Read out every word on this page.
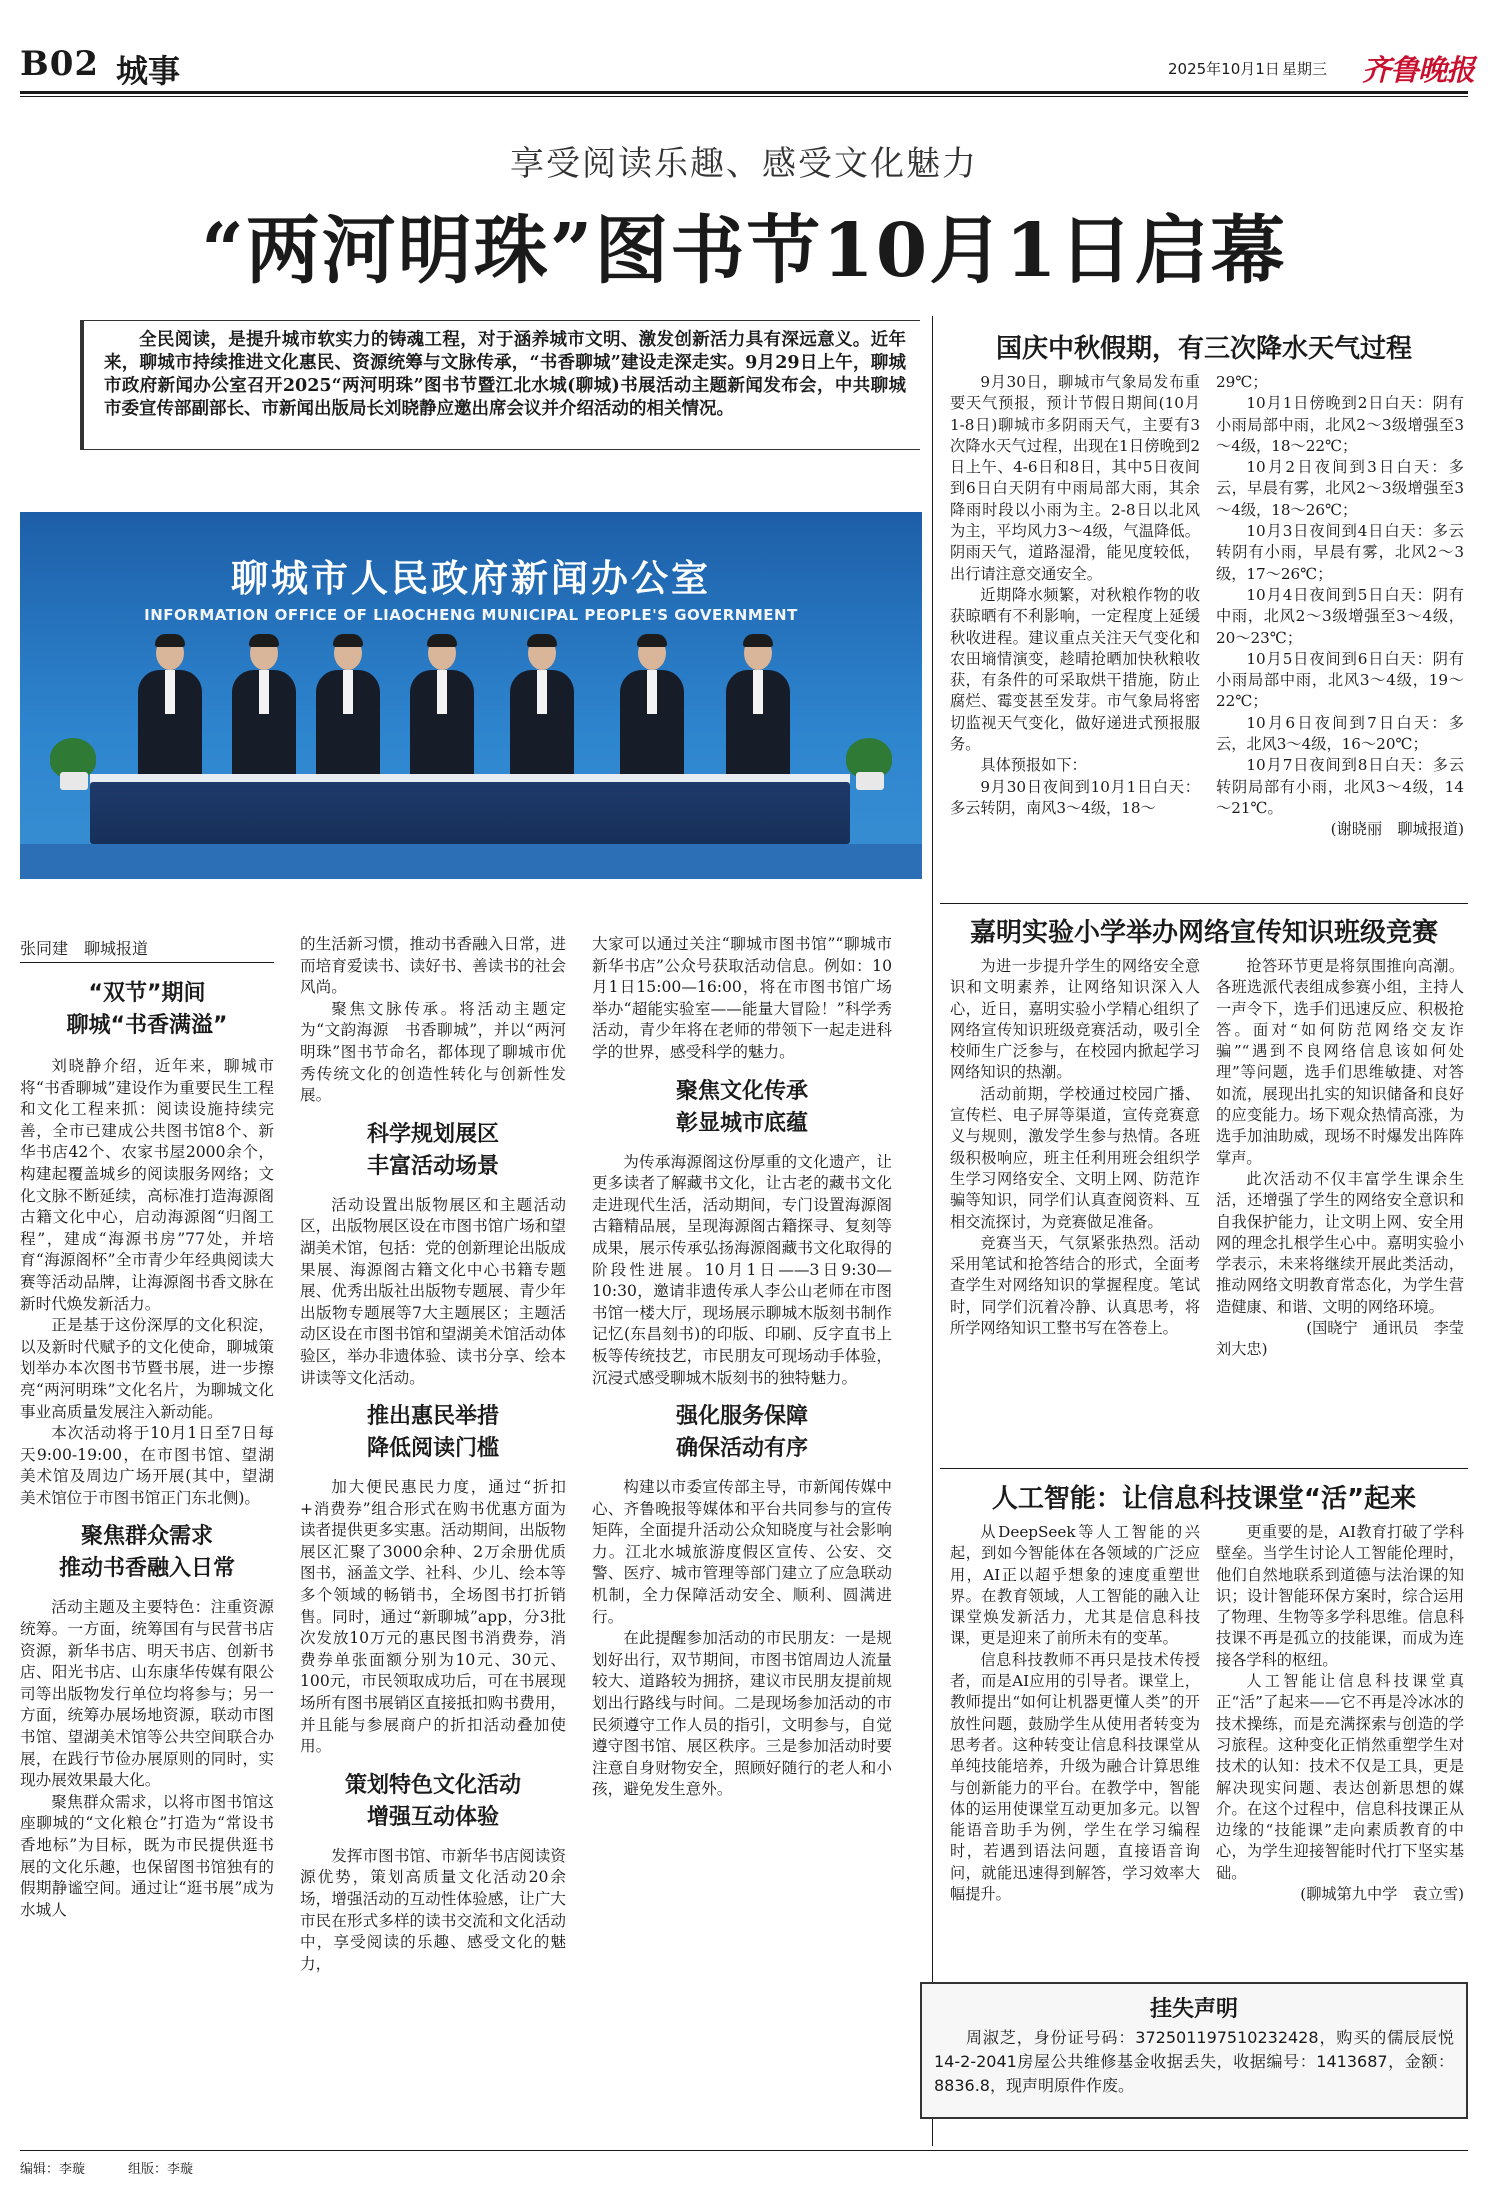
B02 城事	2025年10月1日 星期三 齐鲁晚报
享受阅读乐趣、感受文化魅力
“两河明珠”图书节10月1日启幕
全民阅读，是提升城市软实力的铸魂工程，对于涵养城市文明、激发创新活力具有深远意义。近年来，聊城市持续推进文化惠民、资源统筹与文脉传承，“书香聊城”建设走深走实。9月29日上午，聊城市政府新闻办公室召开2025“两河明珠”图书节暨江北水城(聊城)书展活动主题新闻发布会，中共聊城市委宣传部副部长、市新闻出版局长刘晓静应邀出席会议并介绍活动的相关情况。
聊城市人民政府新闻办公室
INFORMATION OFFICE OF LIAOCHENG MUNICIPAL PEOPLE'S GOVERNMENT
张同建　聊城报道
“双节”期间
聊城“书香满溢”

刘晓静介绍，近年来，聊城市将“书香聊城”建设作为重要民生工程和文化工程来抓：阅读设施持续完善，全市已建成公共图书馆8个、新华书店42个、农家书屋2000余个，构建起覆盖城乡的阅读服务网络；文化文脉不断延续，高标准打造海源阁古籍文化中心，启动海源阁“归阁工程”，建成“海源书房”77处，并培育“海源阁杯”全市青少年经典阅读大赛等活动品牌，让海源阁书香文脉在新时代焕发新活力。

正是基于这份深厚的文化积淀，以及新时代赋予的文化使命，聊城策划举办本次图书节暨书展，进一步擦亮“两河明珠”文化名片，为聊城文化事业高质量发展注入新动能。

本次活动将于10月1日至7日每天9:00-19:00，在市图书馆、望湖美术馆及周边广场开展(其中，望湖美术馆位于市图书馆正门东北侧)。

聚焦群众需求
推动书香融入日常

活动主题及主要特色：注重资源统筹。一方面，统筹国有与民营书店资源，新华书店、明天书店、创新书店、阳光书店、山东康华传媒有限公司等出版物发行单位均将参与；另一方面，统筹办展场地资源，联动市图书馆、望湖美术馆等公共空间联合办展，在践行节俭办展原则的同时，实现办展效果最大化。

聚焦群众需求，以将市图书馆这座聊城的“文化粮仓”打造为“常设书香地标”为目标，既为市民提供逛书展的文化乐趣，也保留图书馆独有的假期静谧空间。通过让“逛书展”成为水城人

的生活新习惯，推动书香融入日常，进而培育爱读书、读好书、善读书的社会风尚。

聚焦文脉传承。将活动主题定为“文韵海源　书香聊城”，并以“两河明珠”图书节命名，都体现了聊城市优秀传统文化的创造性转化与创新性发展。

科学规划展区
丰富活动场景

活动设置出版物展区和主题活动区，出版物展区设在市图书馆广场和望湖美术馆，包括：党的创新理论出版成果展、海源阁古籍文化中心书籍专题展、优秀出版社出版物专题展、青少年出版物专题展等7大主题展区；主题活动区设在市图书馆和望湖美术馆活动体验区，举办非遗体验、读书分享、绘本讲读等文化活动。

推出惠民举措
降低阅读门槛

加大便民惠民力度，通过“折扣+消费券”组合形式在购书优惠方面为读者提供更多实惠。活动期间，出版物展区汇聚了3000余种、2万余册优质图书，涵盖文学、社科、少儿、绘本等多个领域的畅销书，全场图书打折销售。同时，通过“新聊城”app，分3批次发放10万元的惠民图书消费券，消费券单张面额分别为10元、30元、100元，市民领取成功后，可在书展现场所有图书展销区直接抵扣购书费用，并且能与参展商户的折扣活动叠加使用。

策划特色文化活动
增强互动体验

发挥市图书馆、市新华书店阅读资源优势，策划高质量文化活动20余场，增强活动的互动性体验感，让广大市民在形式多样的读书交流和文化活动中，享受阅读的乐趣、感受文化的魅力，

大家可以通过关注“聊城市图书馆”“聊城市新华书店”公众号获取活动信息。例如：10月1日15:00—16:00，将在市图书馆广场举办“超能实验室——能量大冒险！”科学秀活动，青少年将在老师的带领下一起走进科学的世界，感受科学的魅力。

聚焦文化传承
彰显城市底蕴

为传承海源阁这份厚重的文化遗产，让更多读者了解藏书文化，让古老的藏书文化走进现代生活，活动期间，专门设置海源阁古籍精品展，呈现海源阁古籍探寻、复刻等成果，展示传承弘扬海源阁藏书文化取得的阶段性进展。10月1日——3日9:30—10:30，邀请非遗传承人李公山老师在市图书馆一楼大厅，现场展示聊城木版刻书制作记忆(东昌刻书)的印版、印刷、反字直书上板等传统技艺，市民朋友可现场动手体验，沉浸式感受聊城木版刻书的独特魅力。

强化服务保障
确保活动有序

构建以市委宣传部主导，市新闻传媒中心、齐鲁晚报等媒体和平台共同参与的宣传矩阵，全面提升活动公众知晓度与社会影响力。江北水城旅游度假区宣传、公安、交警、医疗、城市管理等部门建立了应急联动机制，全力保障活动安全、顺利、圆满进行。

在此提醒参加活动的市民朋友：一是规划好出行，双节期间，市图书馆周边人流量较大、道路较为拥挤，建议市民朋友提前规划出行路线与时间。二是现场参加活动的市民须遵守工作人员的指引，文明参与，自觉遵守图书馆、展区秩序。三是参加活动时要注意自身财物安全，照顾好随行的老人和小孩，避免发生意外。

国庆中秋假期，有三次降水天气过程

9月30日，聊城市气象局发布重要天气预报，预计节假日期间(10月1-8日)聊城市多阴雨天气，主要有3次降水天气过程，出现在1日傍晚到2日上午、4-6日和8日，其中5日夜间到6日白天阴有中雨局部大雨，其余降雨时段以小雨为主。2-8日以北风为主，平均风力3～4级，气温降低。阴雨天气，道路湿滑，能见度较低，出行请注意交通安全。

近期降水频繁，对秋粮作物的收获晾晒有不利影响，一定程度上延缓秋收进程。建议重点关注天气变化和农田墒情演变，趁晴抢晒加快秋粮收获，有条件的可采取烘干措施，防止腐烂、霉变甚至发芽。市气象局将密切监视天气变化，做好递进式预报服务。

具体预报如下：

9月30日夜间到10月1日白天：多云转阴，南风3～4级，18～

29℃；

10月1日傍晚到2日白天：阴有小雨局部中雨，北风2～3级增强至3～4级，18～22℃；

10月2日夜间到3日白天：多云，早晨有雾，北风2～3级增强至3～4级，18～26℃；

10月3日夜间到4日白天：多云转阴有小雨，早晨有雾，北风2～3级，17～26℃；

10月4日夜间到5日白天：阴有中雨，北风2～3级增强至3～4级，20～23℃；

10月5日夜间到6日白天：阴有小雨局部中雨，北风3～4级，19～22℃；

10月6日夜间到7日白天：多云，北风3～4级，16～20℃；

10月7日夜间到8日白天：多云转阴局部有小雨，北风3～4级，14～21℃。

(谢晓丽　聊城报道)
嘉明实验小学举办网络宣传知识班级竞赛

为进一步提升学生的网络安全意识和文明素养，让网络知识深入人心，近日，嘉明实验小学精心组织了网络宣传知识班级竞赛活动，吸引全校师生广泛参与，在校园内掀起学习网络知识的热潮。

活动前期，学校通过校园广播、宣传栏、电子屏等渠道，宣传竞赛意义与规则，激发学生参与热情。各班级积极响应，班主任利用班会组织学生学习网络安全、文明上网、防范诈骗等知识，同学们认真查阅资料、互相交流探讨，为竞赛做足准备。

竞赛当天，气氛紧张热烈。活动采用笔试和抢答结合的形式，全面考查学生对网络知识的掌握程度。笔试时，同学们沉着冷静、认真思考，将所学网络知识工整书写在答卷上。

抢答环节更是将氛围推向高潮。各班选派代表组成参赛小组，主持人一声令下，选手们迅速反应、积极抢答。面对“如何防范网络交友诈骗”“遇到不良网络信息该如何处理”等问题，选手们思维敏捷、对答如流，展现出扎实的知识储备和良好的应变能力。场下观众热情高涨，为选手加油助威，现场不时爆发出阵阵掌声。

此次活动不仅丰富学生课余生活，还增强了学生的网络安全意识和自我保护能力，让文明上网、安全用网的理念扎根学生心中。嘉明实验小学表示，未来将继续开展此类活动，推动网络文明教育常态化，为学生营造健康、和谐、文明的网络环境。

(国晓宁　通讯员　李莹
刘大忠)
人工智能：让信息科技课堂“活”起来

从DeepSeek等人工智能的兴起，到如今智能体在各领域的广泛应用，AI正以超乎想象的速度重塑世界。在教育领域，人工智能的融入让课堂焕发新活力，尤其是信息科技课，更是迎来了前所未有的变革。

信息科技教师不再只是技术传授者，而是AI应用的引导者。课堂上，教师提出“如何让机器更懂人类”的开放性问题，鼓励学生从使用者转变为思考者。这种转变让信息科技课堂从单纯技能培养，升级为融合计算思维与创新能力的平台。在教学中，智能体的运用使课堂互动更加多元。以智能语音助手为例，学生在学习编程时，若遇到语法问题，直接语音询问，就能迅速得到解答，学习效率大幅提升。

更重要的是，AI教育打破了学科壁垒。当学生讨论人工智能伦理时，他们自然地联系到道德与法治课的知识；设计智能环保方案时，综合运用了物理、生物等多学科思维。信息科技课不再是孤立的技能课，而成为连接各学科的枢纽。

人工智能让信息科技课堂真正“活”了起来——它不再是冷冰冰的技术操练，而是充满探索与创造的学习旅程。这种变化正悄然重塑学生对技术的认知：技术不仅是工具，更是解决现实问题、表达创新思想的媒介。在这个过程中，信息科技课正从边缘的“技能课”走向素质教育的中心，为学生迎接智能时代打下坚实基础。

(聊城第九中学　袁立雪)
挂失声明
周淑芝，身份证号码：372501197510232428，购买的儒辰辰悦14-2-2041房屋公共维修基金收据丢失，收据编号：1413687，金额：8836.8，现声明原件作废。
编辑：李璇	组版：李璇
